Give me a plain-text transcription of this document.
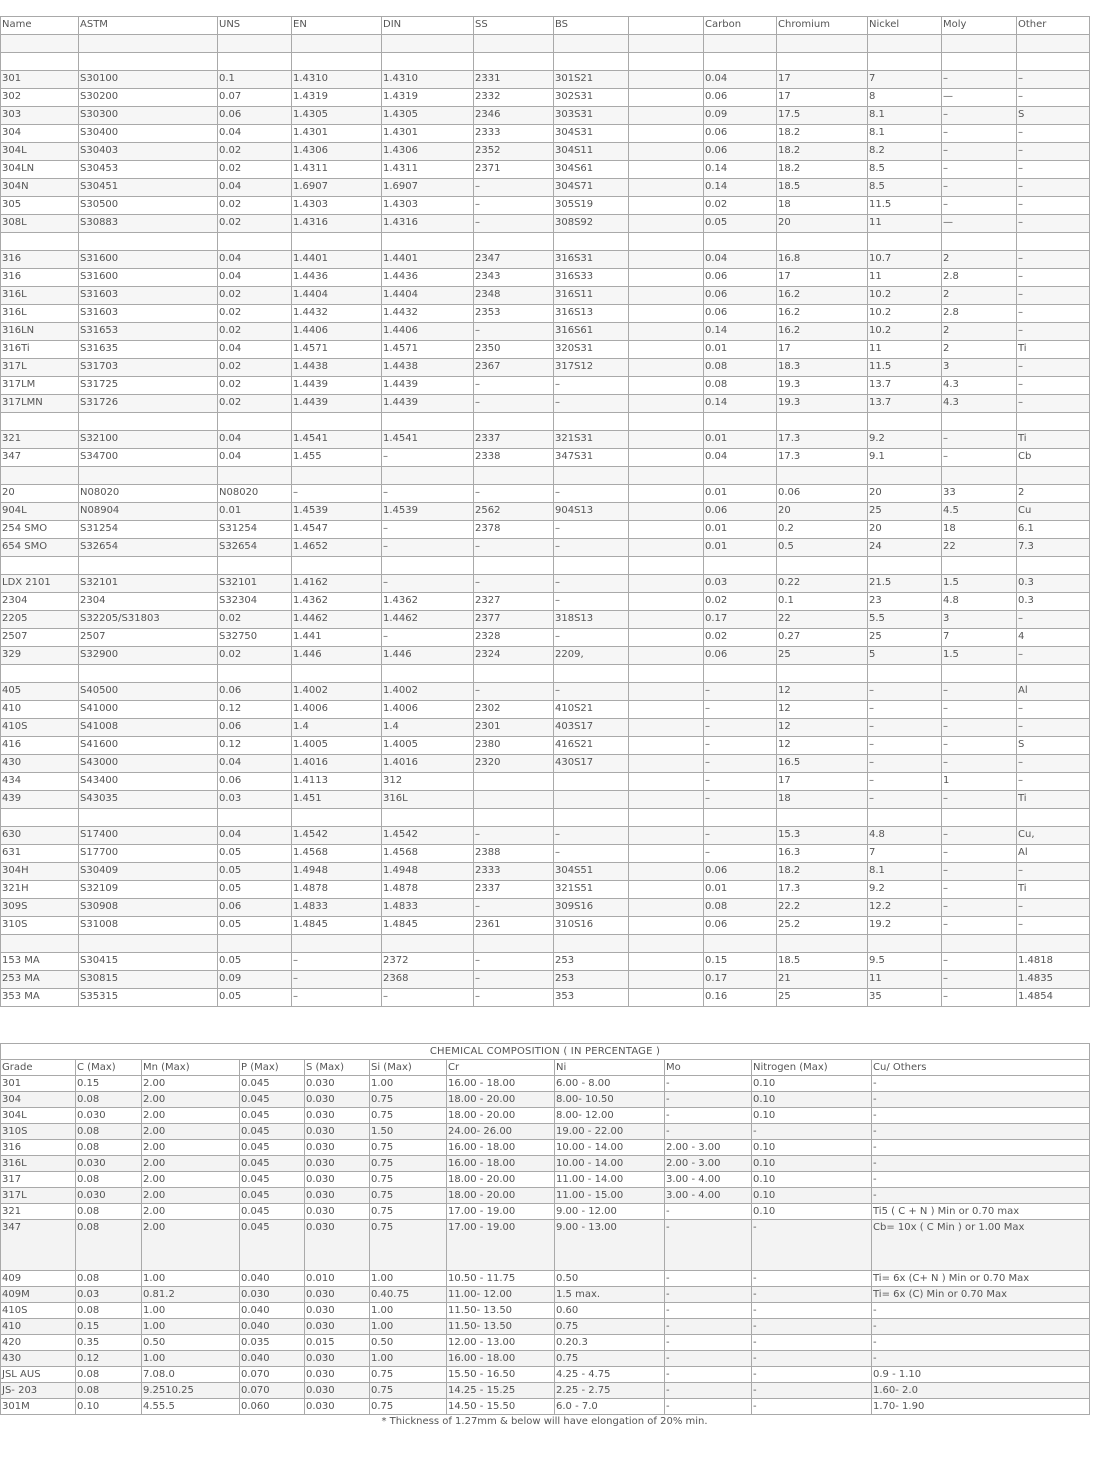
Name	ASTM	UNS	EN	DIN	SS	BS		Carbon	Chromium	Nickel	Moly	Other

301	S30100	0.1	1.4310	1.4310	2331	301S21		0.04	17	7	–	–
302	S30200	0.07	1.4319	1.4319	2332	302S31		0.06	17	8	—	–
303	S30300	0.06	1.4305	1.4305	2346	303S31		0.09	17.5	8.1	–	S
304	S30400	0.04	1.4301	1.4301	2333	304S31		0.06	18.2	8.1	–	–
304L	S30403	0.02	1.4306	1.4306	2352	304S11		0.06	18.2	8.2	–	–
304LN	S30453	0.02	1.4311	1.4311	2371	304S61		0.14	18.2	8.5	–	–
304N	S30451	0.04	1.6907	1.6907	–	304S71		0.14	18.5	8.5	–	–
305	S30500	0.02	1.4303	1.4303	–	305S19		0.02	18	11.5	–	–
308L	S30883	0.02	1.4316	1.4316	–	308S92		0.05	20	11	—	–

316	S31600	0.04	1.4401	1.4401	2347	316S31		0.04	16.8	10.7	2	–
316	S31600	0.04	1.4436	1.4436	2343	316S33		0.06	17	11	2.8	–
316L	S31603	0.02	1.4404	1.4404	2348	316S11		0.06	16.2	10.2	2	–
316L	S31603	0.02	1.4432	1.4432	2353	316S13		0.06	16.2	10.2	2.8	–
316LN	S31653	0.02	1.4406	1.4406	–	316S61		0.14	16.2	10.2	2	–
316Ti	S31635	0.04	1.4571	1.4571	2350	320S31		0.01	17	11	2	Ti
317L	S31703	0.02	1.4438	1.4438	2367	317S12		0.08	18.3	11.5	3	–
317LM	S31725	0.02	1.4439	1.4439	–	–		0.08	19.3	13.7	4.3	–
317LMN	S31726	0.02	1.4439	1.4439	–	–		0.14	19.3	13.7	4.3	–

321	S32100	0.04	1.4541	1.4541	2337	321S31		0.01	17.3	9.2	–	Ti
347	S34700	0.04	1.455	–	2338	347S31		0.04	17.3	9.1	–	Cb

20	N08020	N08020	–	–	–	–		0.01	0.06	20	33	2
904L	N08904	0.01	1.4539	1.4539	2562	904S13		0.06	20	25	4.5	Cu
254 SMO	S31254	S31254	1.4547	–	2378	–		0.01	0.2	20	18	6.1
654 SMO	S32654	S32654	1.4652	–	–	–		0.01	0.5	24	22	7.3

LDX 2101	S32101	S32101	1.4162	–	–	–		0.03	0.22	21.5	1.5	0.3
2304	2304	S32304	1.4362	1.4362	2327	–		0.02	0.1	23	4.8	0.3
2205	S32205/S31803	0.02	1.4462	1.4462	2377	318S13		0.17	22	5.5	3	–
2507	2507	S32750	1.441	–	2328	–		0.02	0.27	25	7	4
329	S32900	0.02	1.446	1.446	2324	2209,		0.06	25	5	1.5	–

405	S40500	0.06	1.4002	1.4002	–	–		–	12	–	–	Al
410	S41000	0.12	1.4006	1.4006	2302	410S21		–	12	–	–	–
410S	S41008	0.06	1.4	1.4	2301	403S17		–	12	–	–	–
416	S41600	0.12	1.4005	1.4005	2380	416S21		–	12	–	–	S
430	S43000	0.04	1.4016	1.4016	2320	430S17		–	16.5	–	–	–
434	S43400	0.06	1.4113	312				–	17	–	1	–
439	S43035	0.03	1.451	316L				–	18	–	–	Ti

630	S17400	0.04	1.4542	1.4542	–	–		–	15.3	4.8	–	Cu,
631	S17700	0.05	1.4568	1.4568	2388	–		–	16.3	7	–	Al
304H	S30409	0.05	1.4948	1.4948	2333	304S51		0.06	18.2	8.1	–	–
321H	S32109	0.05	1.4878	1.4878	2337	321S51		0.01	17.3	9.2	–	Ti
309S	S30908	0.06	1.4833	1.4833	–	309S16		0.08	22.2	12.2	–	–
310S	S31008	0.05	1.4845	1.4845	2361	310S16		0.06	25.2	19.2	–	–

153 MA	S30415	0.05	–	2372	–	253		0.15	18.5	9.5	–	1.4818
253 MA	S30815	0.09	–	2368	–	253		0.17	21	11	–	1.4835
353 MA	S35315	0.05	–	–	–	353		0.16	25	35	–	1.4854
CHEMICAL COMPOSITION ( IN PERCENTAGE )										
Grade	C (Max)	Mn (Max)	P (Max)	S (Max)	Si (Max)	Cr	Ni	Mo	Nitrogen (Max)	Cu/ Others
301	0.15	2.00	0.045	0.030	1.00	16.00 - 18.00	6.00 - 8.00	-	0.10	-
304	0.08	2.00	0.045	0.030	0.75	18.00 - 20.00	8.00- 10.50	-	0.10	-
304L	0.030	2.00	0.045	0.030	0.75	18.00 - 20.00	8.00- 12.00	-	0.10	-
310S	0.08	2.00	0.045	0.030	1.50	24.00- 26.00	19.00 - 22.00	-	-	-
316	0.08	2.00	0.045	0.030	0.75	16.00 - 18.00	10.00 - 14.00	2.00 - 3.00	0.10	-
316L	0.030	2.00	0.045	0.030	0.75	16.00 - 18.00	10.00 - 14.00	2.00 - 3.00	0.10	-
317	0.08	2.00	0.045	0.030	0.75	18.00 - 20.00	11.00 - 14.00	3.00 - 4.00	0.10	-
317L	0.030	2.00	0.045	0.030	0.75	18.00 - 20.00	11.00 - 15.00	3.00 - 4.00	0.10	-
321	0.08	2.00	0.045	0.030	0.75	17.00 - 19.00	9.00 - 12.00	-	0.10	Ti5 ( C + N ) Min or 0.70 max
347	0.08	2.00	0.045	0.030	0.75	17.00 - 19.00	9.00 - 13.00	-	-	Cb= 10x ( C Min ) or 1.00 Max
409	0.08	1.00	0.040	0.010	1.00	10.50 - 11.75	0.50	-	-	Ti= 6x (C+ N ) Min or 0.70 Max
409M	0.03	0.81.2	0.030	0.030	0.40.75	11.00- 12.00	1.5 max.	-	-	Ti= 6x (C) Min or 0.70 Max
410S	0.08	1.00	0.040	0.030	1.00	11.50- 13.50	0.60	-	-	-
410	0.15	1.00	0.040	0.030	1.00	11.50- 13.50	0.75	-	-	-
420	0.35	0.50	0.035	0.015	0.50	12.00 - 13.00	0.20.3	-	-	-
430	0.12	1.00	0.040	0.030	1.00	16.00 - 18.00	0.75	-	-	-
JSL AUS	0.08	7.08.0	0.070	0.030	0.75	15.50 - 16.50	4.25 - 4.75	-	-	0.9 - 1.10
JS- 203	0.08	9.2510.25	0.070	0.030	0.75	14.25 - 15.25	2.25 - 2.75	-	-	1.60- 2.0
301M	0.10	4.55.5	0.060	0.030	0.75	14.50 - 15.50	6.0 - 7.0	-	-	1.70- 1.90
* Thickness of 1.27mm & below will have elongation of 20% min.
